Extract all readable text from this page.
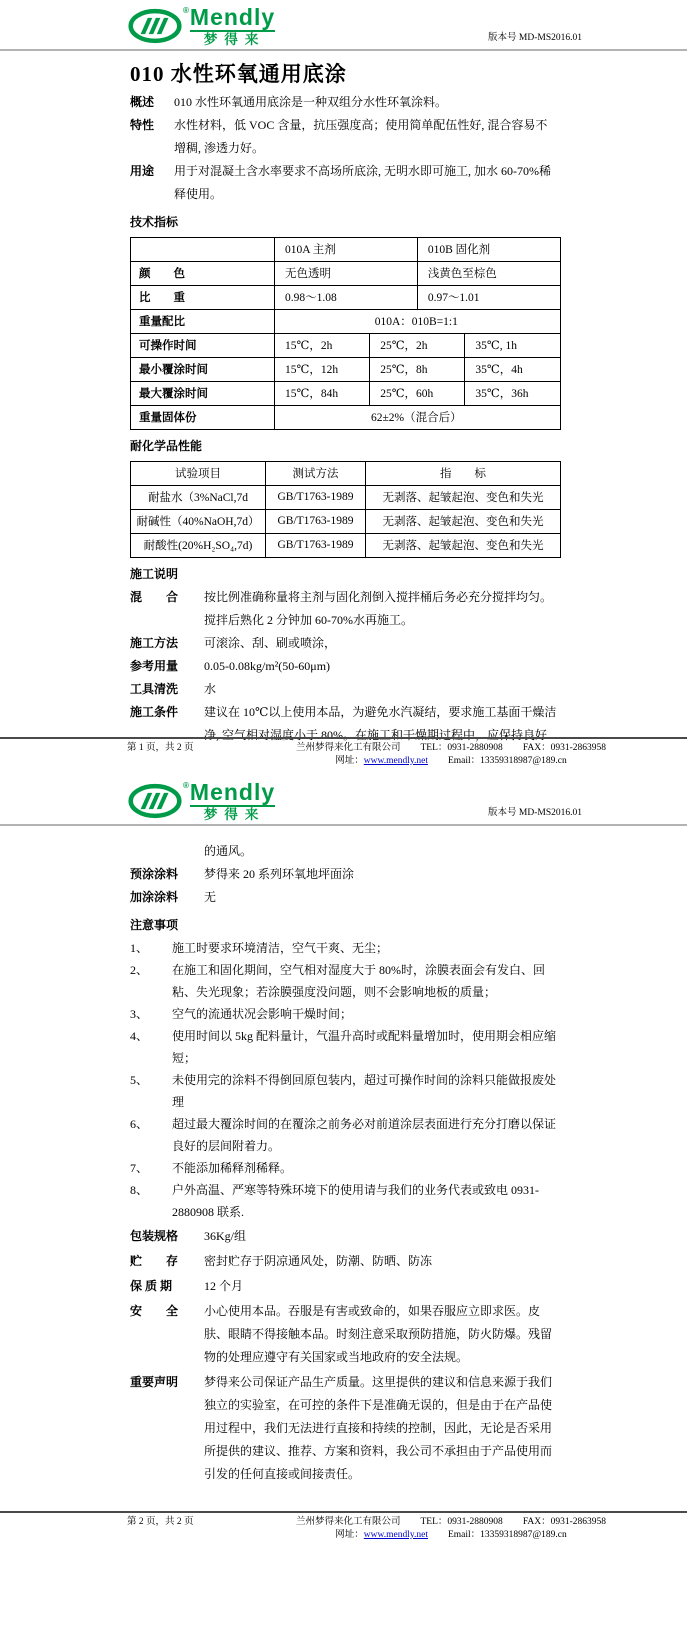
® Mendly
梦得来	版本号 MD-MS2016.01
010 水性环氧通用底涂
概述	010 水性环氧通用底涂是一种双组分水性环氧涂料。
特性	水性材料，低 VOC 含量，抗压强度高；使用简单配伍性好, 混合容易不增稠, 渗透力好。
用途	用于对混凝土含水率要求不高场所底涂, 无明水即可施工, 加水 60-70%稀释使用。
技术指标
	010A 主剂		010B 固化剂	
颜　　色	无色透明		浅黄色至棕色	
比　　重	0.98～1.08		0.97～1.01	
重量配比	010A：010B=1:1			
可操作时间	15℃，2h	25℃，2h		35℃, 1h
最小覆涂时间	15℃，12h	25℃，8h		35℃，4h
最大覆涂时间	15℃，84h	25℃，60h		35℃，36h
重量固体份	62±2%（混合后）			
耐化学品性能
试验项目	测试方法	指　　标
耐盐水（3%NaCl,7d	GB/T1763-1989	无剥落、起皱起泡、变色和失光
耐碱性（40%NaOH,7d）	GB/T1763-1989	无剥落、起皱起泡、变色和失光
耐酸性(20%H₂SO₄,7d)	GB/T1763-1989	无剥落、起皱起泡、变色和失光
施工说明
混　　合	按比例准确称量将主剂与固化剂倒入搅拌桶后务必充分搅拌均匀。搅拌后熟化 2 分钟加 60-70%水再施工。
施工方法	可滚涂、刮、刷或喷涂，
参考用量	0.05-0.08kg/m²(50-60μm)
工具清洗	水
施工条件	建议在 10℃以上使用本品，为避免水汽凝结，要求施工基面干燥洁净, 空气相对湿度小于 80%。在施工和干燥期过程中，应保持良好
第 1 页，共 2 页	兰州梦得来化工有限公司 TEL：0931-2880908 FAX：0931-2863958
网址：www.mendly.net Email：13359318987@189.cn
® Mendly
梦得来	版本号 MD-MS2016.01
的通风。
预涂涂料	梦得来 20 系列环氧地坪面涂
加涂涂料	无
注意事项
1、	施工时要求环境清洁，空气干爽、无尘；
2、	在施工和固化期间，空气相对湿度大于 80%时，涂膜表面会有发白、回粘、失光现象；若涂膜强度没问题，则不会影响地板的质量；
3、	空气的流通状况会影响干燥时间；
4、	使用时间以 5kg 配料量计，气温升高时或配料量增加时，使用期会相应缩短；
5、	未使用完的涂料不得倒回原包装内，超过可操作时间的涂料只能做报废处理
6、	超过最大覆涂时间的在覆涂之前务必对前道涂层表面进行充分打磨以保证良好的层间附着力。
7、	不能添加稀释剂稀释。
8、	户外高温、严寒等特殊环境下的使用请与我们的业务代表或致电 0931-2880908 联系.
包装规格	36Kg/组
贮　　存	密封贮存于阴凉通风处，防潮、防晒、防冻
保 质 期	12 个月
安　　全	小心使用本品。吞服是有害或致命的，如果吞服应立即求医。皮肤、眼睛不得接触本品。时刻注意采取预防措施，防火防爆。残留物的处理应遵守有关国家或当地政府的安全法规。
重要声明	梦得来公司保证产品生产质量。这里提供的建议和信息来源于我们独立的实验室，在可控的条件下是准确无误的，但是由于在产品使用过程中，我们无法进行直接和持续的控制，因此，无论是否采用所提供的建议、推荐、方案和资料，我公司不承担由于产品使用而引发的任何直接或间接责任。
第 2 页，共 2 页	兰州梦得来化工有限公司 TEL：0931-2880908 FAX：0931-2863958
网址：www.mendly.net Email：13359318987@189.cn
